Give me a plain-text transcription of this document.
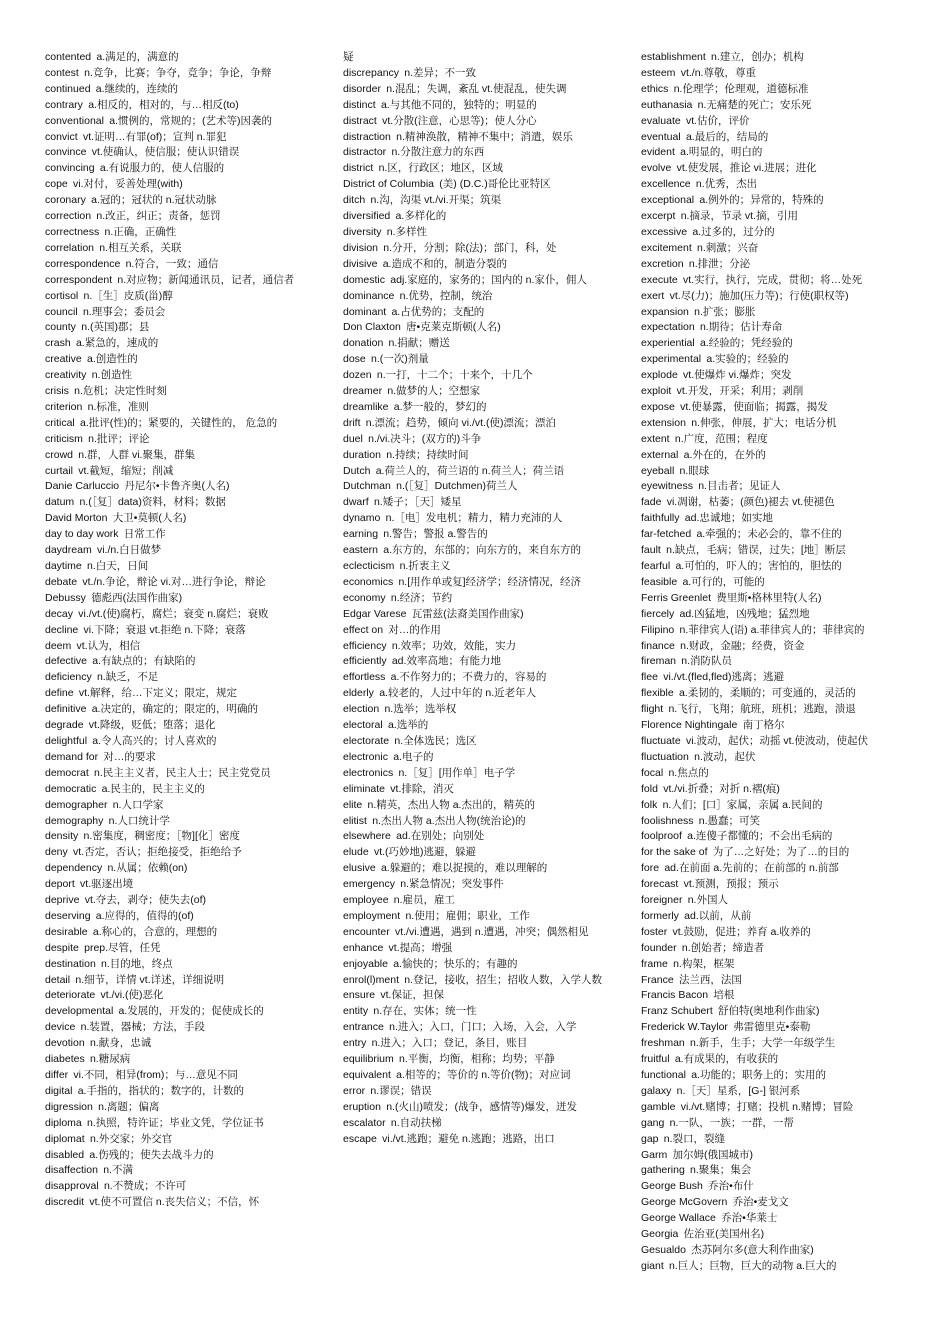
contented a.满足的，满意的
contest n.竞争，比赛；争夺，竞争；争论，争辩
continued a.继续的，连续的
contrary a.相反的，相对的，与…相反(to)
conventional a.惯例的，常规的；(艺术等)因袭的
convict vt.证明…有罪(of)；宣判 n.罪犯
convince vt.使确认，使信服；使认识错误
convincing a.有说服力的，使人信服的
cope vi.对付，妥善处理(with)
coronary a.冠的；冠状的 n.冠状动脉
correction n.改正，纠正；责备，惩罚
correctness n.正确，正确性
correlation n.相互关系，关联
correspondence n.符合，一致；通信
correspondent n.对应物；新闻通讯员，记者，通信者
cortisol n.［生］皮质(甾)醇
council n.理事会；委员会
county n.(英国)郡；县
crash a.紧急的，速成的
creative a.创造性的
creativity n.创造性
crisis n.危机；决定性时刻
criterion n.标准，准则
critical a.批评(性)的；紧要的，关键性的， 危急的
criticism n.批评；评论
crowd n.群，人群 vi.聚集，群集
curtail vt.截短，缩短；削减
Danie Carluccio 丹尼尔•卡鲁齐奥(人名)
datum n.(［复］data)资料，材料；数据
David Morton 大卫•莫顿(人名)
day to day work 日常工作
daydream vi./n.白日做梦
daytime n.白天，日间
debate vt./n.争论，辩论 vi.对…进行争论，辩论
Debussy 德彪西(法国作曲家)
decay vi./vt.(使)腐朽，腐烂；衰变 n.腐烂；衰败
decline vi.下降；衰退 vt.拒绝 n.下降；衰落
deem vt.认为，相信
defective a.有缺点的；有缺陷的
deficiency n.缺乏，不足
define vt.解释，给…下定义；限定，规定
definitive a.决定的，确定的；限定的，明确的
degrade vt.降级，贬低；堕落；退化
delightful a.令人高兴的；讨人喜欢的
demand for 对…的要求
democrat n.民主主义者，民主人士；民主党党员
democratic a.民主的，民主主义的
demographer n.人口学家
demography n.人口统计学
density n.密集度，稠密度；［物][化］密度
deny vt.否定，否认；拒绝接受，拒绝给予
dependency n.从属；依赖(on)
deport vt.驱逐出境
deprive vt.夺去，剥夺；使失去(of)
deserving a.应得的，值得的(of)
desirable a.称心的，合意的，理想的
despite prep.尽管，任凭
destination n.目的地，终点
detail n.细节，详情 vt.详述，详细说明
deteriorate vt./vi.(使)恶化
developmental a.发展的，开发的；促使成长的
device n.装置，器械；方法，手段
devotion n.献身，忠诚
diabetes n.糖尿病
differ vi.不同，相异(from)；与…意见不同
digital a.手指的，指状的；数字的，计数的
digression n.离题；偏离
diploma n.执照，特许证；毕业文凭，学位证书
diplomat n.外交家；外交官
disabled a.伤残的；使失去战斗力的
disaffection n.不满
disapproval n.不赞成；不许可
discredit vt.使不可置信 n.丧失信义；不信，怀
疑
discrepancy n.差异；不一致
disorder n.混乱；失调，紊乱 vt.使混乱，使失调
distinct a.与其他不同的，独特的；明显的
distract vt.分散(注意，心思等)；使人分心
distraction n.精神涣散，精神不集中；消遣，娱乐
distractor n.分散注意力的东西
district n.区，行政区；地区，区域
District of Columbia (美) (D.C.)哥伦比亚特区
ditch n.沟，沟渠 vt./vi.开渠；筑渠
diversified a.多样化的
diversity n.多样性
division n.分开，分割；除(法)；部门，科，处
divisive a.造成不和的，制造分裂的
domestic adj.家庭的，家务的；国内的 n.家仆，佣人
dominance n.优势，控制，统治
dominant a.占优势的；支配的
Don Claxton 唐•克莱克斯顿(人名)
donation n.捐献；赠送
dose n.(一次)剂量
dozen n.一打，十二个；十来个，十几个
dreamer n.做梦的人；空想家
dreamlike a.梦一般的，梦幻的
drift n.漂流；趋势，倾向 vi./vt.(使)漂流；漂泊
duel n./vi.决斗；(双方的)斗争
duration n.持续；持续时间
Dutch a.荷兰人的，荷兰语的 n.荷兰人；荷兰语
Dutchman n.(［复］Dutchmen)荷兰人
dwarf n.矮子；［天］矮星
dynamo n.［电］发电机；精力，精力充沛的人
earning n.警告；警报 a.警告的
eastern a.东方的，东部的；向东方的，来自东方的
eclecticism n.折衷主义
economics n.[用作单或复]经济学；经济情况，经济
economy n.经济；节约
Edgar Varese 瓦雷兹(法裔美国作曲家)
effect on 对…的作用
efficiency n.效率；功效，效能，实力
efficiently ad.效率高地；有能力地
effortless a.不作努力的；不费力的，容易的
elderly a.较老的，人过中年的 n.近老年人
election n.选举；选举权
electoral a.选举的
electorate n.全体选民；选区
electronic a.电子的
electronics n.［复］[用作单］电子学
eliminate vt.排除，消灭
elite n.精英，杰出人物 a.杰出的，精英的
elitist n.杰出人物 a.杰出人物(统治论)的
elsewhere ad.在别处；向别处
elude vt.(巧妙地)逃避，躲避
elusive a.躲避的；难以捉摸的，难以理解的
emergency n.紧急情况；突发事件
employee n.雇员，雇工
employment n.使用；雇佣；职业，工作
encounter vt./vi.遭遇，遇到 n.遭遇，冲突；偶然相见
enhance vt.提高；增强
enjoyable a.愉快的；快乐的；有趣的
enrol(l)ment n.登记，接收，招生；招收人数，入学人数
ensure vt.保证，担保
entity n.存在，实体；统一性
entrance n.进入；入口，门口；入场，入会，入学
entry n.进入；入口；登记，条目，账目
equilibrium n.平衡，均衡，相称；均势；平静
equivalent a.相等的；等价的 n.等价(物)；对应词
error n.谬误；错误
eruption n.(火山)喷发；(战争，感情等)爆发，迸发
escalator n.自动扶梯
escape vi./vt.逃跑；避免 n.逃跑；逃路，出口
establishment n.建立，创办；机构
esteem vt./n.尊敬，尊重
ethics n.伦理学；伦理观，道德标准
euthanasia n.无痛楚的死亡；安乐死
evaluate vt.估价，评价
eventual a.最后的，结局的
evident a.明显的，明白的
evolve vt.使发展，推论 vi.进展；进化
excellence n.优秀，杰出
exceptional a.例外的；异常的，特殊的
excerpt n.摘录，节录 vt.摘，引用
excessive a.过多的，过分的
excitement n.刺激；兴奋
excretion n.排泄；分泌
execute vt.实行，执行，完成，贯彻；将…处死
exert vt.尽(力)；施加(压力等)；行使(职权等)
expansion n.扩张；膨胀
expectation n.期待；估计寿命
experiential a.经验的；凭经验的
experimental a.实验的；经验的
explode vt.使爆炸 vi.爆炸；突发
exploit vt.开发，开采；利用；剥削
expose vt.使暴露，使面临；揭露，揭发
extension n.伸张，伸展，扩大；电话分机
extent n.广度，范围；程度
external a.外在的，在外的
eyeball n.眼球
eyewitness n.目击者；见证人
fade vi.凋谢，枯萎；(颜色)褪去 vt.使褪色
faithfully ad.忠诚地；如实地
far-fetched a.牵强的；未必会的，靠不住的
fault n.缺点，毛病；错误，过失；[地］断层
fearful a.可怕的，吓人的；害怕的，胆怯的
feasible a.可行的，可能的
Ferris Greenlet 费里斯•格林里特(人名)
fiercely ad.凶猛地，凶残地；猛烈地
Filipino n.菲律宾人(语) a.菲律宾人的；菲律宾的
finance n.财政，金融；经费，资金
fireman n.消防队员
flee vi./vt.(fled,fled)逃离；逃避
flexible a.柔韧的，柔顺的；可变通的，灵活的
flight n.飞行，飞翔；航班，班机；逃跑，溃退
Florence Nightingale 南丁格尔
fluctuate vi.波动，起伏；动摇 vt.使波动，使起伏
fluctuation n.波动，起伏
focal n.焦点的
fold vt./vi.折叠；对折 n.褶(痕)
folk n.人们；[口］家属，亲属 a.民间的
foolishness n.愚蠢；可笑
foolproof a.连傻子都懂的；不会出毛病的
for the sake of 为了…之好处；为了…的目的
fore ad.在前面 a.先前的；在前部的 n.前部
forecast vt.预测，预报；预示
foreigner n.外国人
formerly ad.以前，从前
foster vt.鼓励，促进；养育 a.收养的
founder n.创始者；缔造者
frame n.构架，框架
France 法兰西，法国
Francis Bacon 培根
Franz Schubert 舒伯特(奥地利作曲家)
Frederick W.Taylor 弗雷德里克•泰勒
freshman n.新手，生手；大学一年级学生
fruitful a.有成果的，有收获的
functional a.功能的；职务上的；实用的
galaxy n.［天］星系，[G-] 银河系
gamble vi./vt.赌博；打赌；投机 n.赌博；冒险
gang n.一队，一族；一群，一帮
gap n.裂口，裂缝
Garm 加尔姆(俄国城市)
gathering n.聚集；集会
George Bush 乔治•布什
George McGovern 乔治•麦戈文
George Wallace 乔治•华莱士
Georgia 佐治亚(美国州名)
Gesualdo 杰苏阿尔多(意大利作曲家)
giant n.巨人；巨物，巨大的动物 a.巨大的
